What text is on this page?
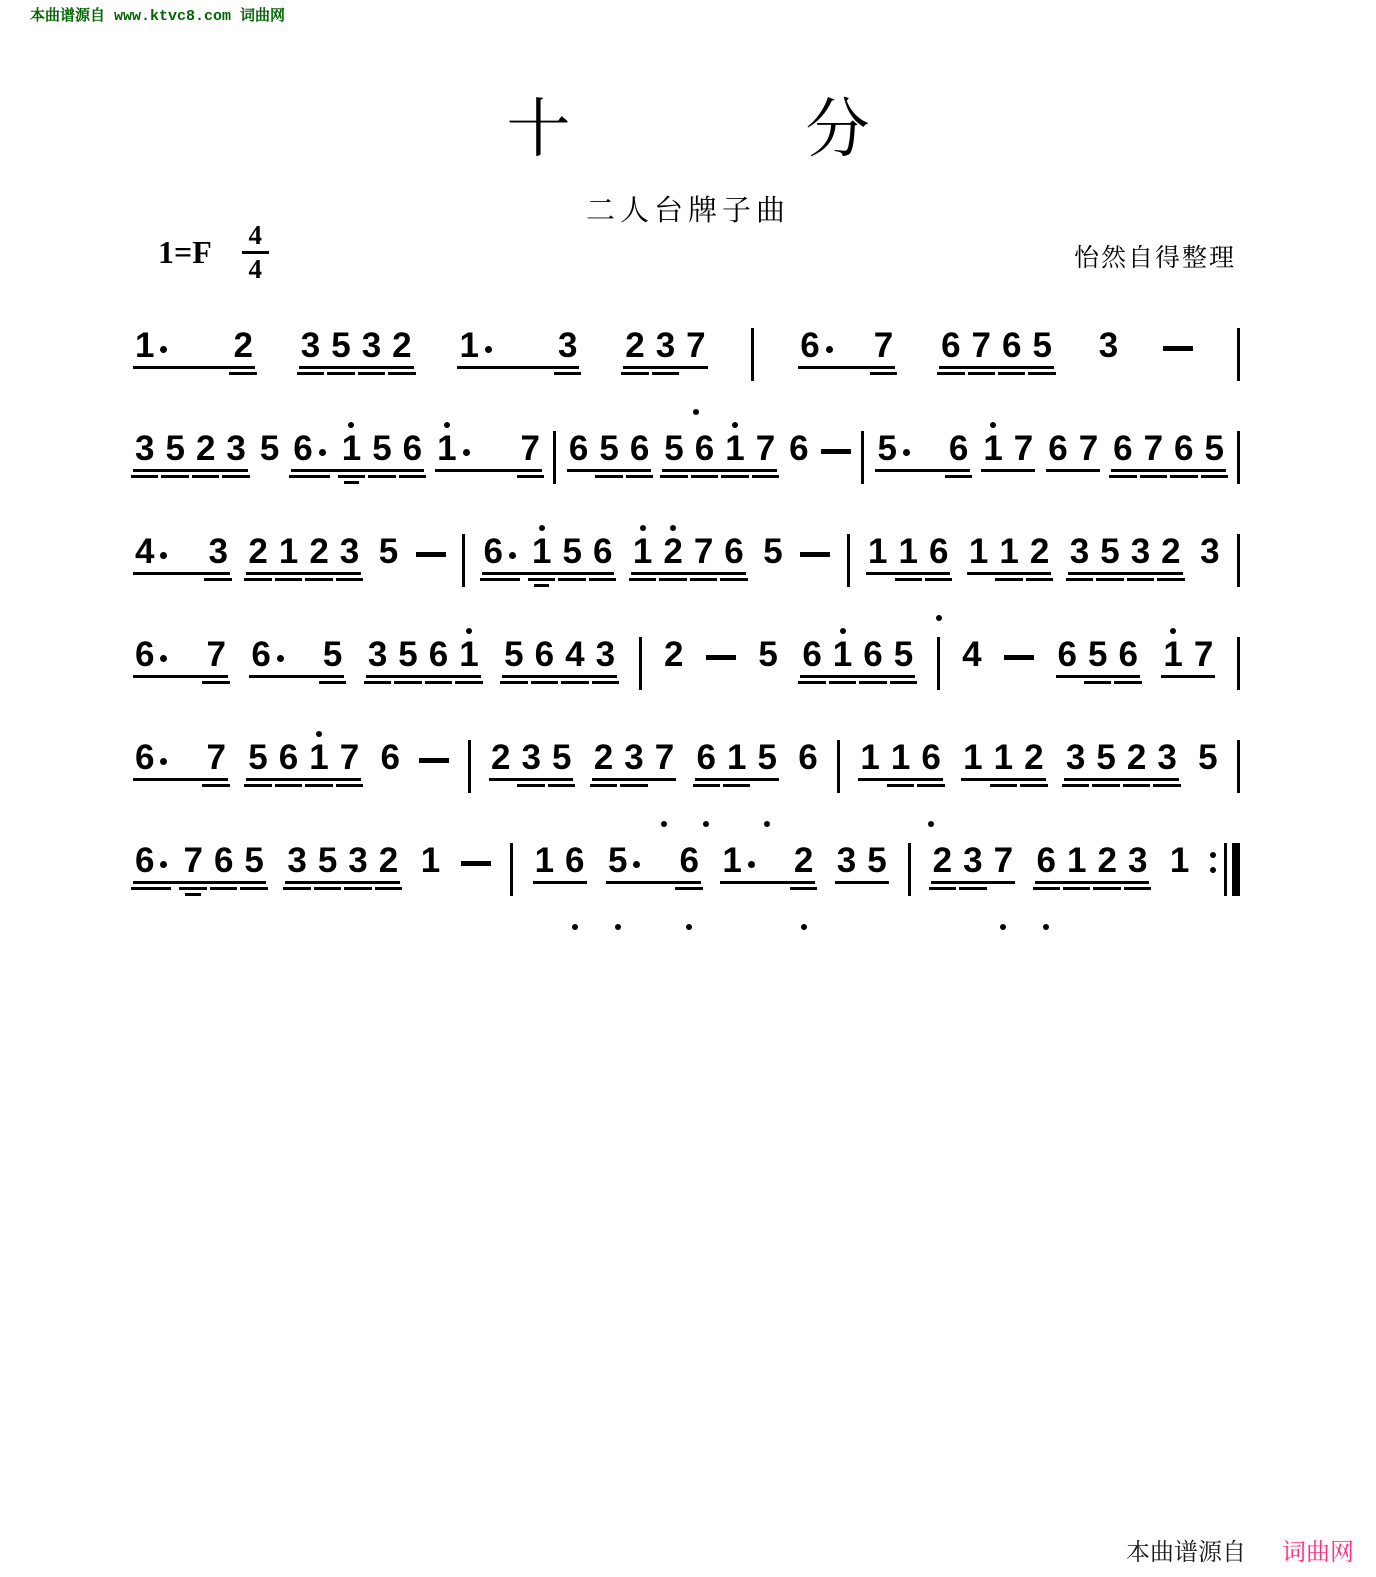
本曲谱源自 www.ktvc8.com 词曲网
十	分
二人台牌子曲
1=F 4
4	怡然自得整理
1 2 3 5 3 2 1 3 2 3 7	6 7 6 7 6 5 3
3 5 2 3 5 6 1 5 6 1 7 6 5 6 5 6 1 7 6 5 6 1 7 6 7 6 7 6 5
4 3 2 1 2 3 5 6 1 5 6 1 2 7 6 5 1 1 6 1 1 2 3 5 3 2 3
6 7 6 5 3 5 6 1 5 6 4 3 2 5 6 1 6 5 4 6 5 6 1 7
6 7 5 6 1 7 6	2 3 5 2 3 7 6 1 5 6 1 1 6 1 1 2 3 5 2 3 5
6 7 6 5 3 5 3 2 1	1 6 5 6 1 2 3 5 2 3 7 6 1 2 3 1
本曲谱源自 词曲网
